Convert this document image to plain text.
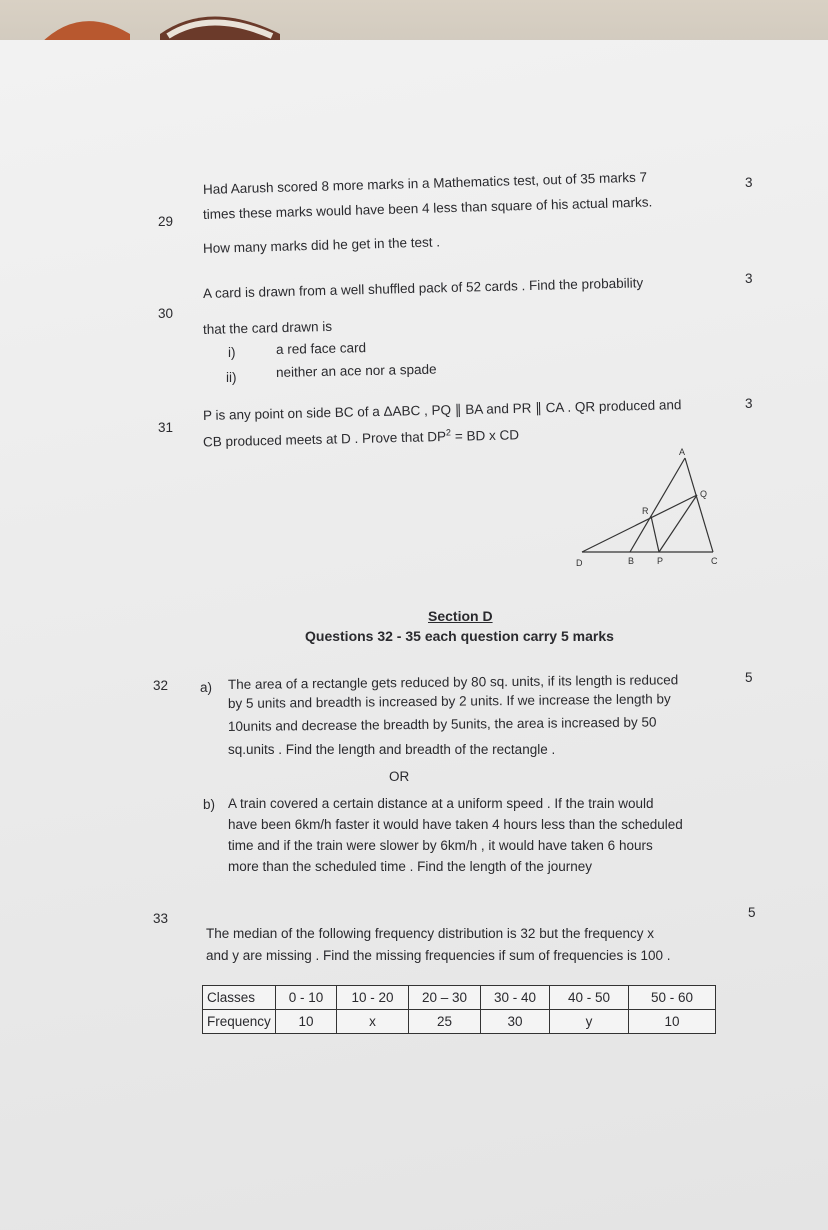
29
3
Had Aarush scored 8 more marks in a Mathematics test, out of 35 marks 7
times these marks would have been 4 less than square of his actual marks.
How many marks did he get in the test .
30
3
A card is drawn from a well shuffled pack of 52 cards . Find the probability
that the card drawn is
i)	a red face card
ii)	neither an ace nor a spade
31
3
P is any point on side BC of a ΔABC , PQ ∥ BA and PR ∥ CA . QR produced and
CB produced meets at D . Prove that $DP^2$ = BD x CD
A
Q
R
D	B	P	C
Section D
Questions 32 - 35 each question carry 5 marks
32
5
a) The area of a rectangle gets reduced by 80 sq. units, if its length is reduced
by 5 units and breadth is increased by 2 units. If we increase the length by
10units and decrease the breadth by 5units, the area is increased by 50
sq.units . Find the length and breadth of the rectangle .
OR
b) A train covered a certain distance at a uniform speed . If the train would
have been 6km/h faster it would have taken 4 hours less than the scheduled
time and if the train were slower by 6km/h , it would have taken 6 hours
more than the scheduled time . Find the length of the journey
33	5
The median of the following frequency distribution is 32 but the frequency x
and y are missing . Find the missing frequencies if sum of frequencies is 100 .
Classes	0 - 10	10 - 20	20 – 30	30 - 40	40 - 50	50 - 60
Frequency	10	x	25	30	y	10
